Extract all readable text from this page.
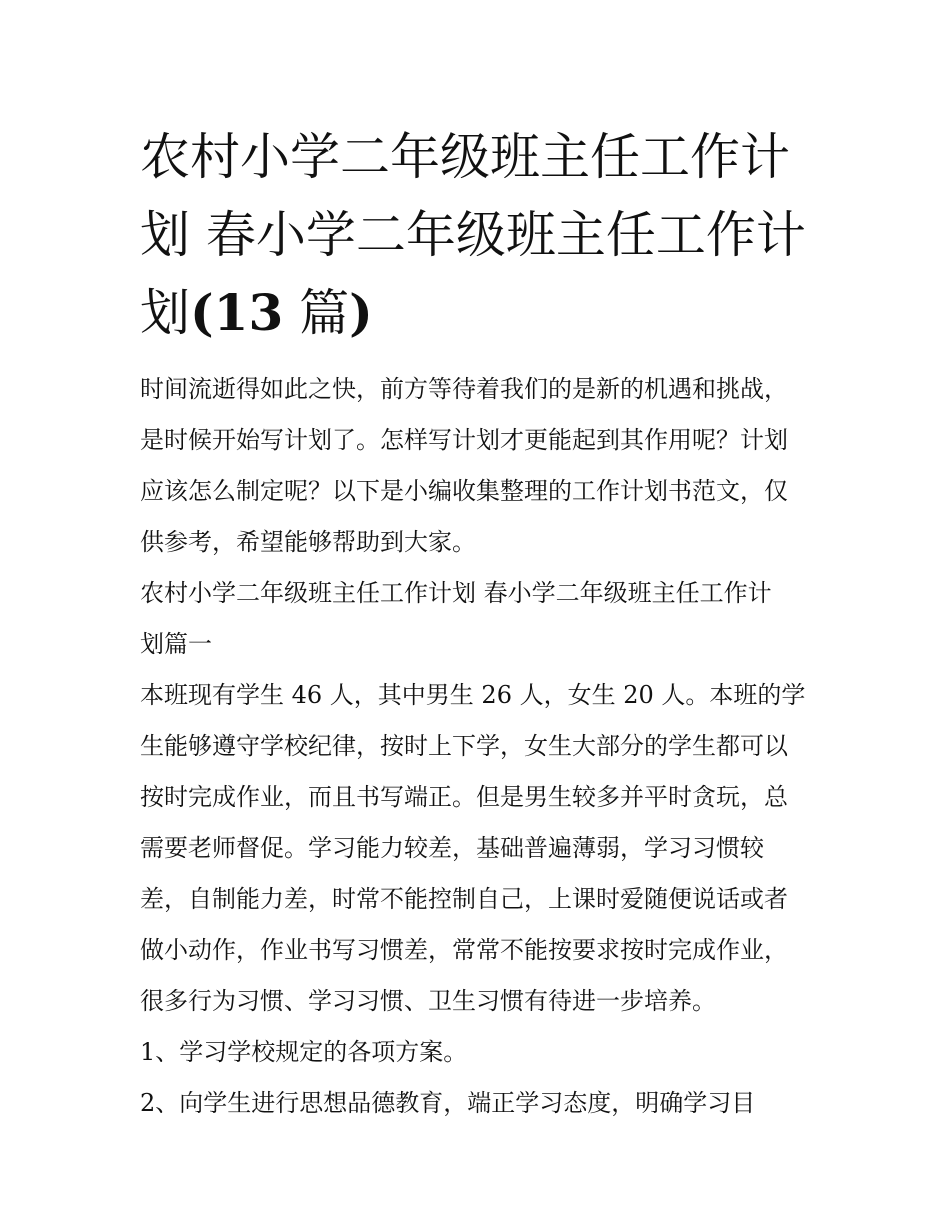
农村小学二年级班主任工作计
划 春小学二年级班主任工作计
划(13 篇)

时间流逝得如此之快，前方等待着我们的是新的机遇和挑战，
是时候开始写计划了。怎样写计划才更能起到其作用呢？计划
应该怎么制定呢？以下是小编收集整理的工作计划书范文，仅
供参考，希望能够帮助到大家。

农村小学二年级班主任工作计划 春小学二年级班主任工作计
划篇一

本班现有学生 46 人，其中男生 26 人，女生 20 人。本班的学
生能够遵守学校纪律，按时上下学，女生大部分的学生都可以
按时完成作业，而且书写端正。但是男生较多并平时贪玩，总
需要老师督促。学习能力较差，基础普遍薄弱，学习习惯较
差，自制能力差，时常不能控制自己，上课时爱随便说话或者
做小动作，作业书写习惯差，常常不能按要求按时完成作业，
很多行为习惯、学习习惯、卫生习惯有待进一步培养。

1、学习学校规定的各项方案。

2、向学生进行思想品德教育，端正学习态度，明确学习目
